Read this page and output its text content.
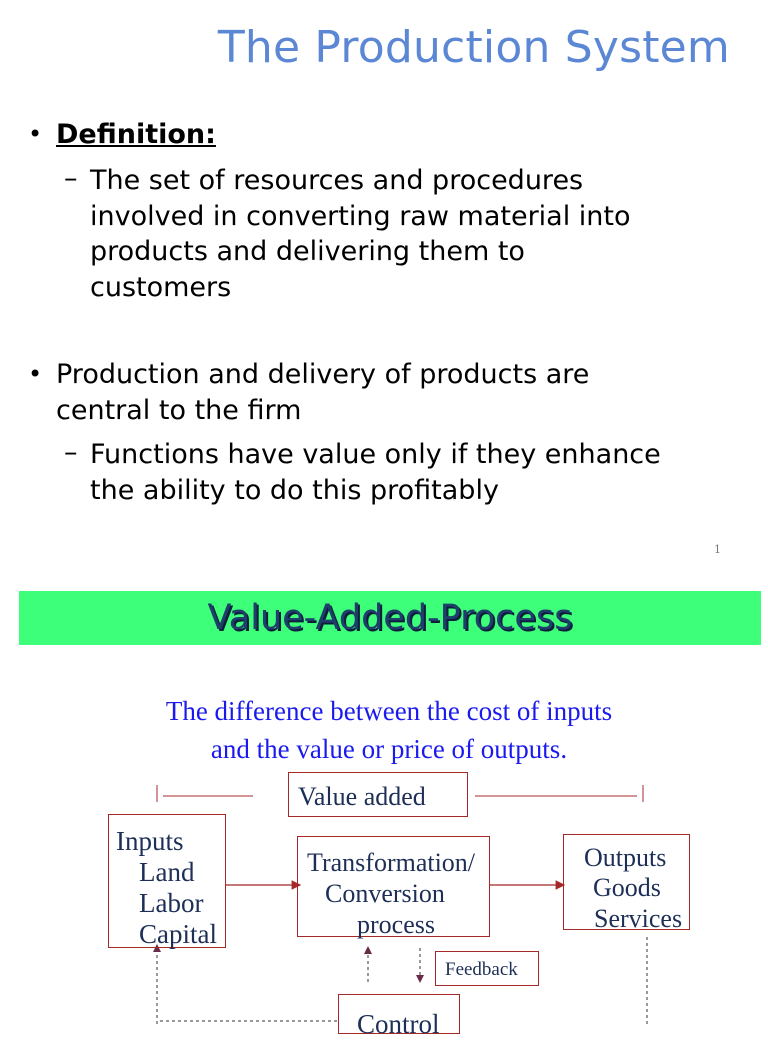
The Production System
• Definition:
– The set of resources and procedures
involved in converting raw material into
products and delivering them to
customers
• Production and delivery of products are
central to the firm
– Functions have value only if they enhance
the ability to do this profitably
1
Value-Added-Process
The difference between the cost of inputs
and the value or price of outputs.
Value added
Inputs
Land
Labor
Capital
Transformation/
Conversion
process
Outputs
Goods
Services
Feedback
Control
